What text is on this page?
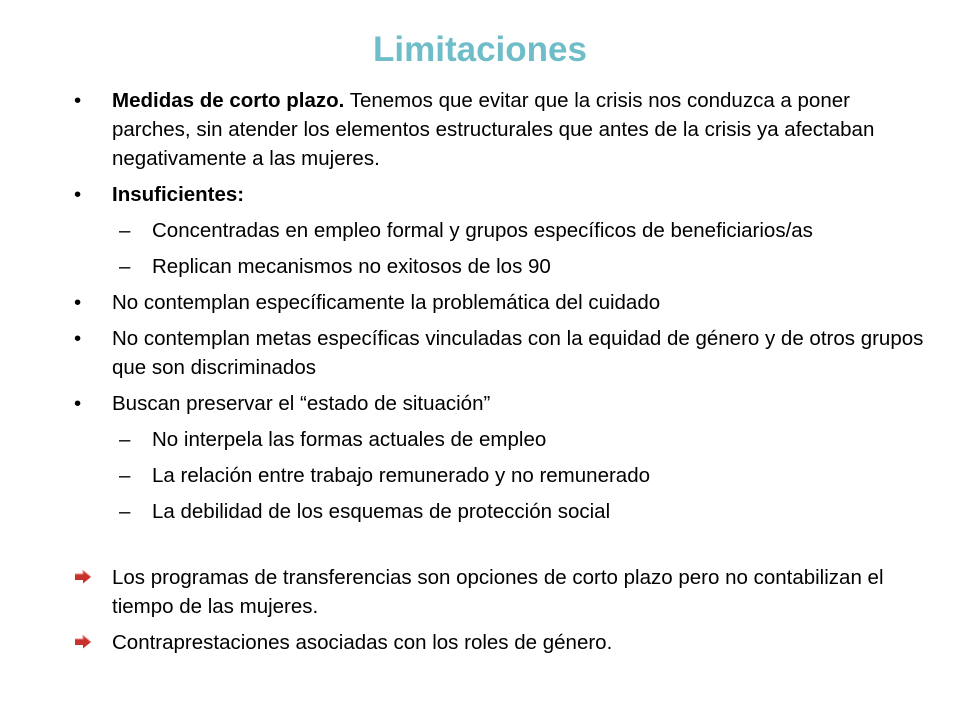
Limitaciones
• Medidas de corto plazo. Tenemos que evitar que la crisis nos conduzca a poner parches, sin atender los elementos estructurales que antes de la crisis ya afectaban negativamente a las mujeres.
• Insuficientes:
– Concentradas en empleo formal y grupos específicos de beneficiarios/as
– Replican mecanismos no exitosos de los 90
• No contemplan específicamente la problemática del cuidado
• No contemplan metas específicas vinculadas con la equidad de género y de otros grupos que son discriminados
• Buscan preservar el “estado de situación”
– No interpela las formas actuales de empleo
– La relación entre trabajo remunerado y no remunerado
– La debilidad de los esquemas de protección social
Los programas de transferencias son opciones de corto plazo pero no contabilizan el tiempo de las mujeres.
Contraprestaciones asociadas con los roles de género.
